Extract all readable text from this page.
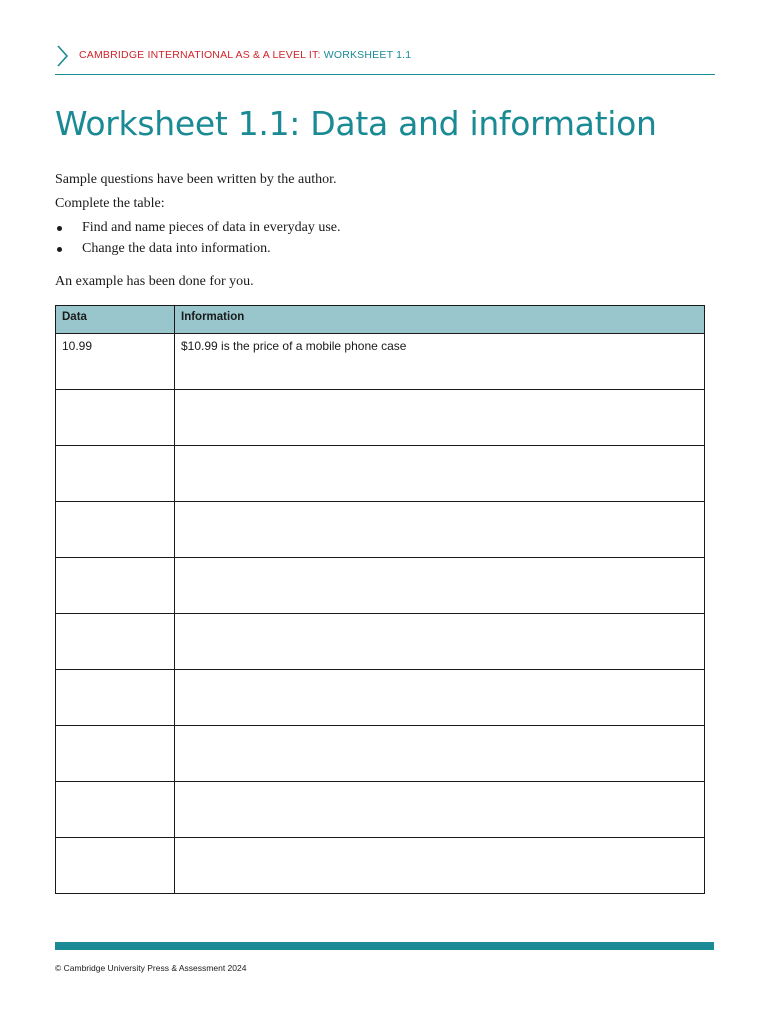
CAMBRIDGE INTERNATIONAL AS & A LEVEL IT: WORKSHEET 1.1
Worksheet 1.1: Data and information

Sample questions have been written by the author.

Complete the table:

Find and name pieces of data in everyday use.
Change the data into information.

An example has been done for you.

Data	Information
10.99	$10.99 is the price of a mobile phone case

© Cambridge University Press & Assessment 2024
